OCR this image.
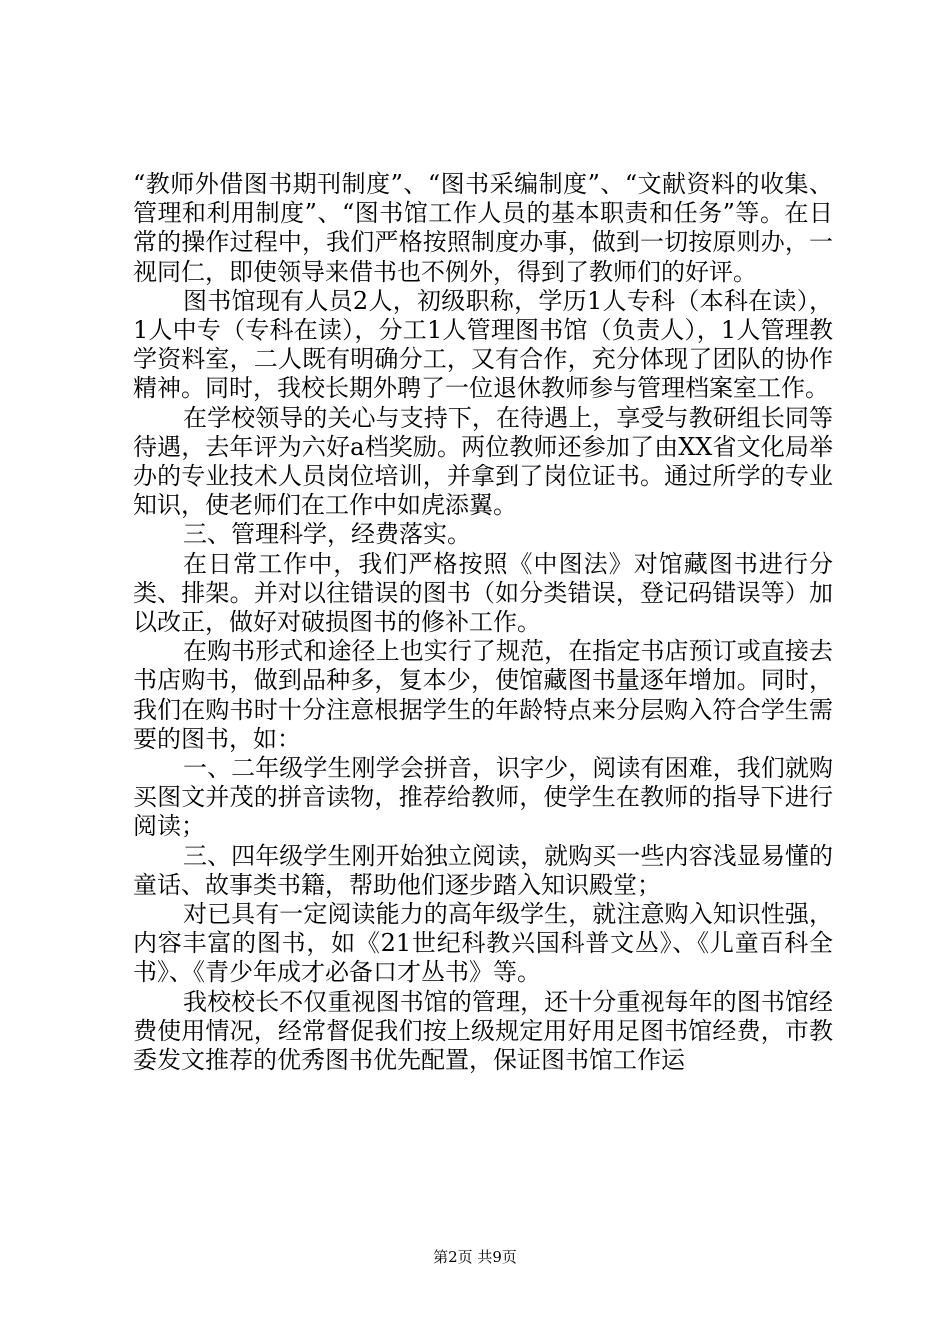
“教师外借图书期刊制度”、“图书采编制度”、“文献资料的收集、管理和利用制度”、“图书馆工作人员的基本职责和任务”等。在日常的操作过程中，我们严格按照制度办事，做到一切按原则办，一视同仁，即使领导来借书也不例外，得到了教师们的好评。

图书馆现有人员2人，初级职称，学历1人专科（本科在读），1人中专（专科在读），分工1人管理图书馆（负责人），1人管理教学资料室，二人既有明确分工，又有合作，充分体现了团队的协作精神。同时，我校长期外聘了一位退休教师参与管理档案室工作。

在学校领导的关心与支持下，在待遇上，享受与教研组长同等待遇，去年评为六好a档奖励。两位教师还参加了由XX省文化局举办的专业技术人员岗位培训，并拿到了岗位证书。通过所学的专业知识，使老师们在工作中如虎添翼。

三、管理科学，经费落实。

在日常工作中，我们严格按照《中图法》对馆藏图书进行分类、排架。并对以往错误的图书（如分类错误，登记码错误等）加以改正，做好对破损图书的修补工作。

在购书形式和途径上也实行了规范，在指定书店预订或直接去书店购书，做到品种多，复本少，使馆藏图书量逐年增加。同时，我们在购书时十分注意根据学生的年龄特点来分层购入符合学生需要的图书，如：

一、二年级学生刚学会拼音，识字少，阅读有困难，我们就购买图文并茂的拼音读物，推荐给教师，使学生在教师的指导下进行阅读；

三、四年级学生刚开始独立阅读，就购买一些内容浅显易懂的童话、故事类书籍，帮助他们逐步踏入知识殿堂；

对已具有一定阅读能力的高年级学生，就注意购入知识性强，内容丰富的图书，如《21世纪科教兴国科普文丛》、《儿童百科全书》、《青少年成才必备口才丛书》等。

我校校长不仅重视图书馆的管理，还十分重视每年的图书馆经费使用情况，经常督促我们按上级规定用好用足图书馆经费，市教委发文推荐的优秀图书优先配置，保证图书馆工作运

第2页 共9页
